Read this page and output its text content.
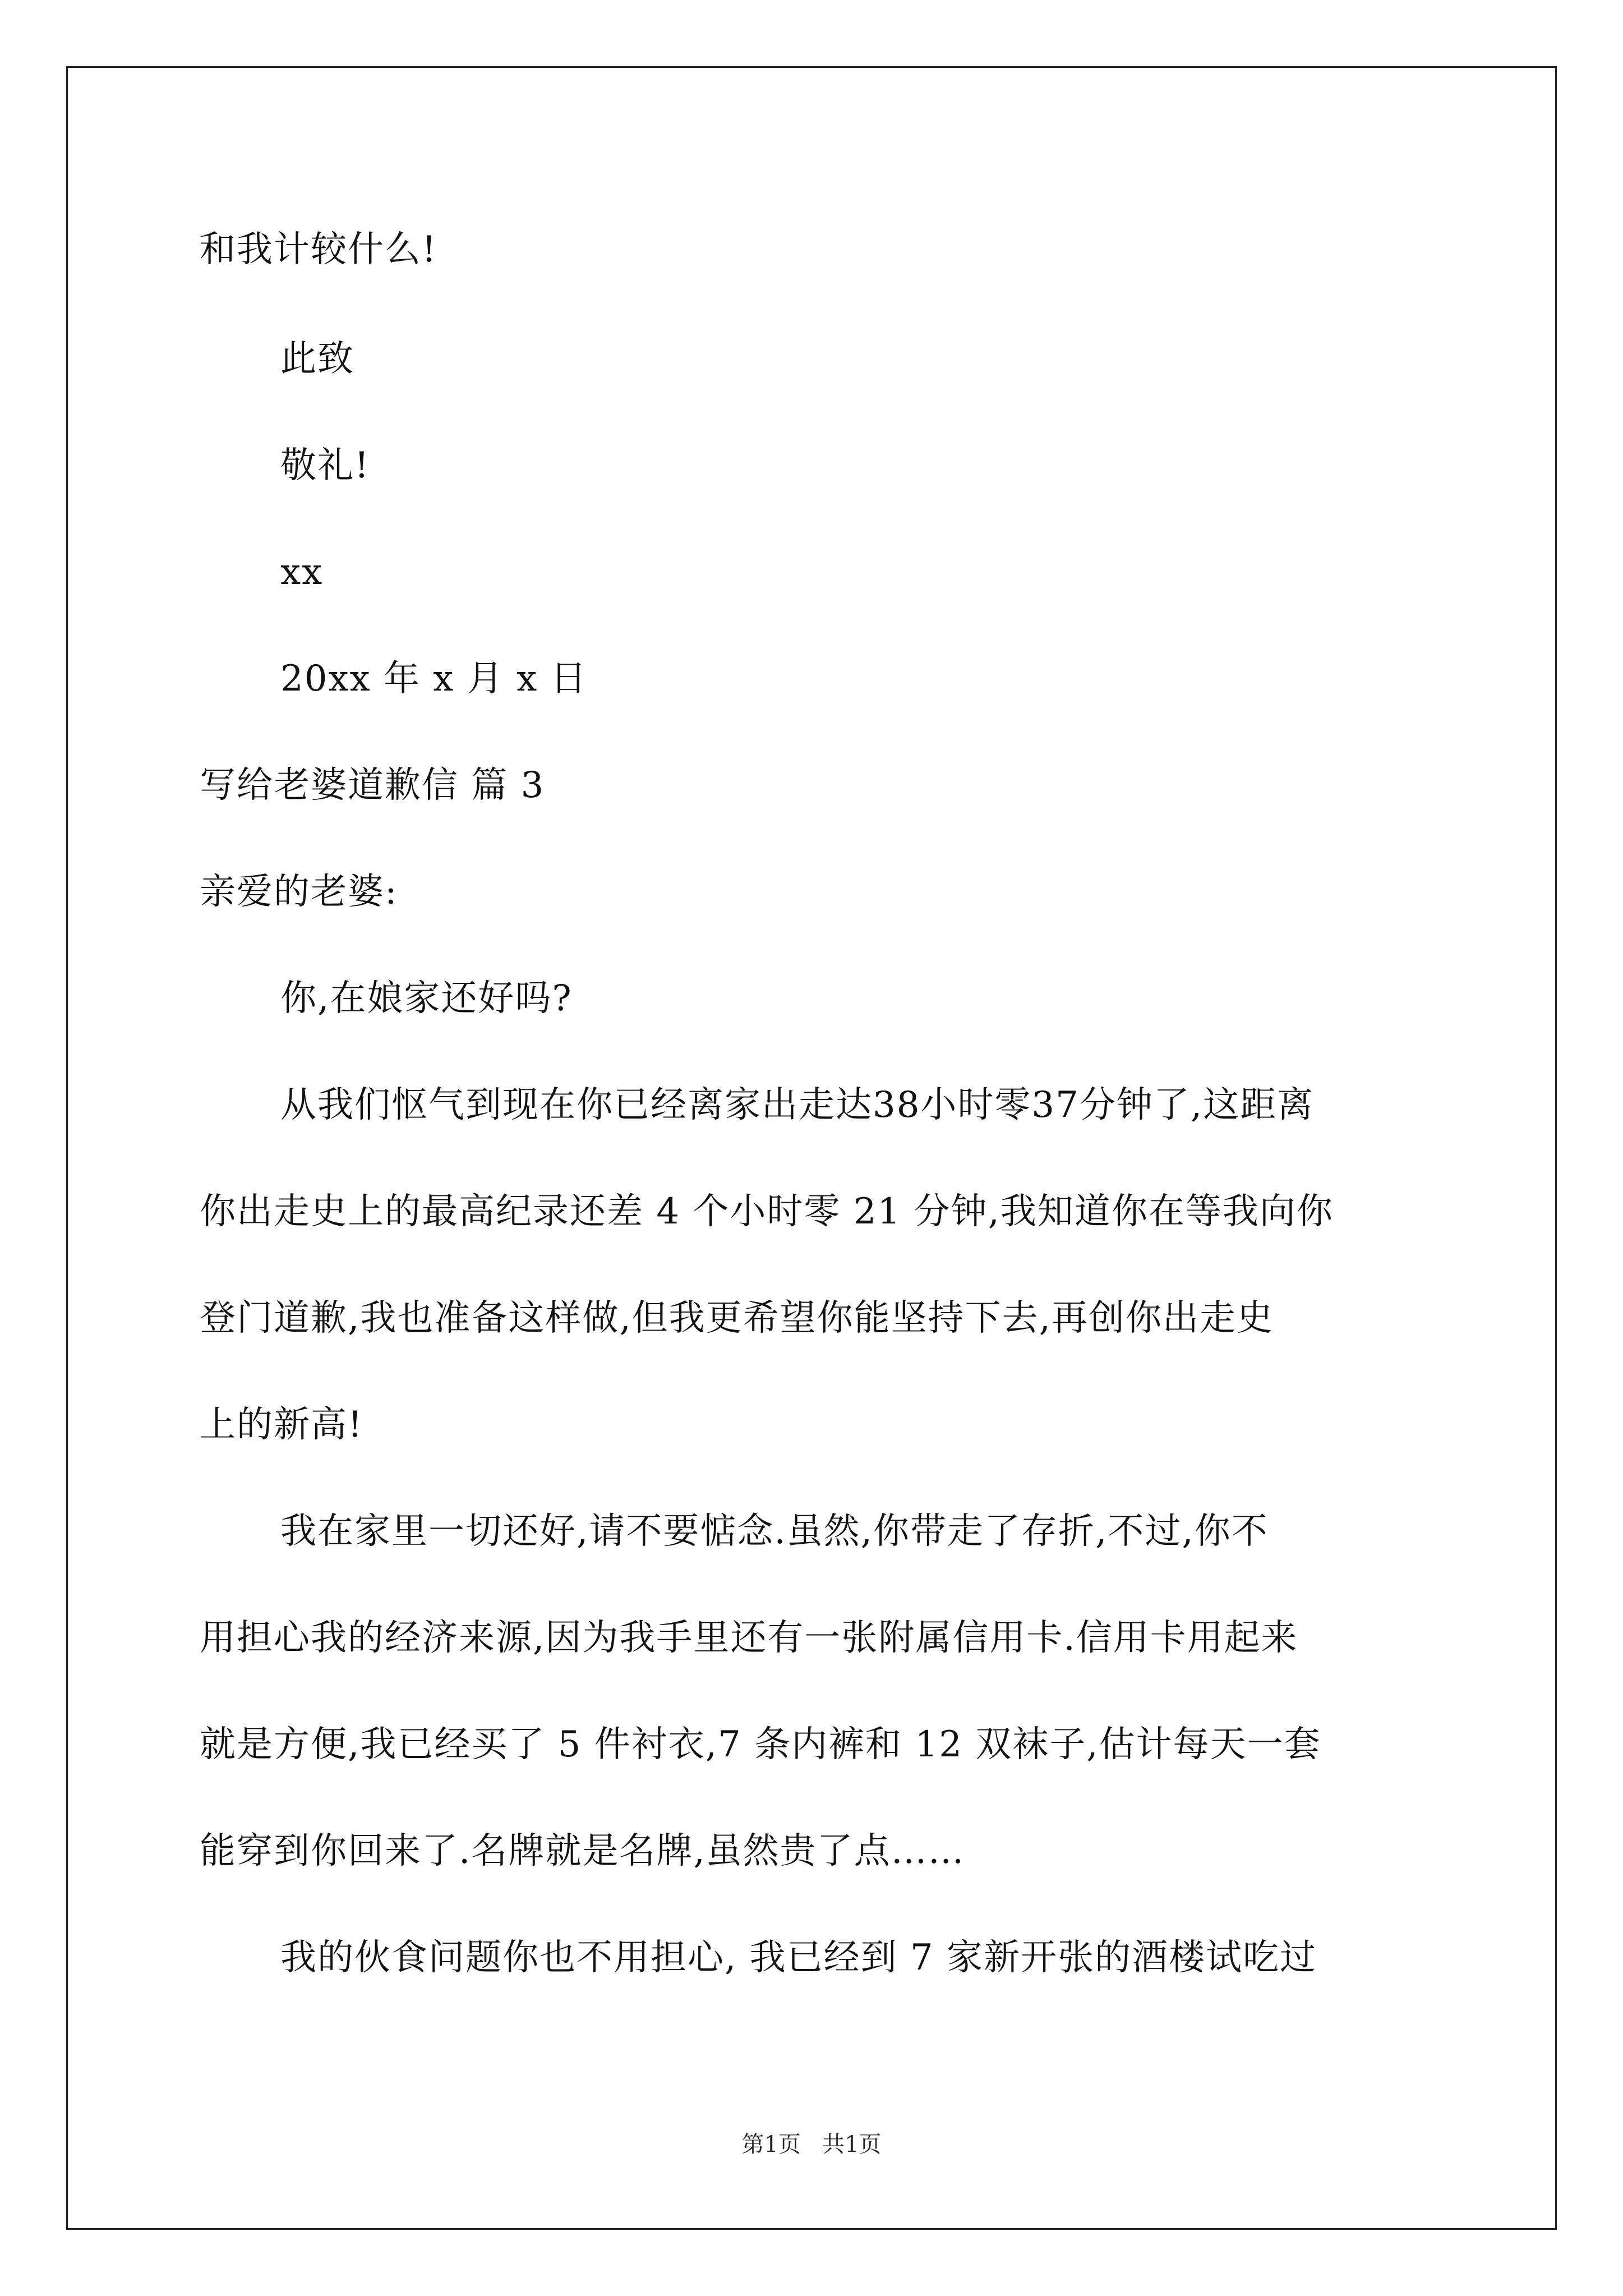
和我计较什么!

此致

敬礼!

xx

20xx 年 x 月 x 日

写给老婆道歉信 篇 3

亲爱的老婆:

你,在娘家还好吗?

从我们怄气到现在你已经离家出走达38小时零37分钟了,这距离

你出走史上的最高纪录还差 4 个小时零 21 分钟,我知道你在等我向你

登门道歉,我也准备这样做,但我更希望你能坚持下去,再创你出走史

上的新高!

我在家里一切还好,请不要惦念.虽然,你带走了存折,不过,你不

用担心我的经济来源,因为我手里还有一张附属信用卡.信用卡用起来

就是方便,我已经买了 5 件衬衣,7 条内裤和 12 双袜子,估计每天一套

能穿到你回来了.名牌就是名牌,虽然贵了点……

我的伙食问题你也不用担心, 我已经到 7 家新开张的酒楼试吃过

第1页 共1页
